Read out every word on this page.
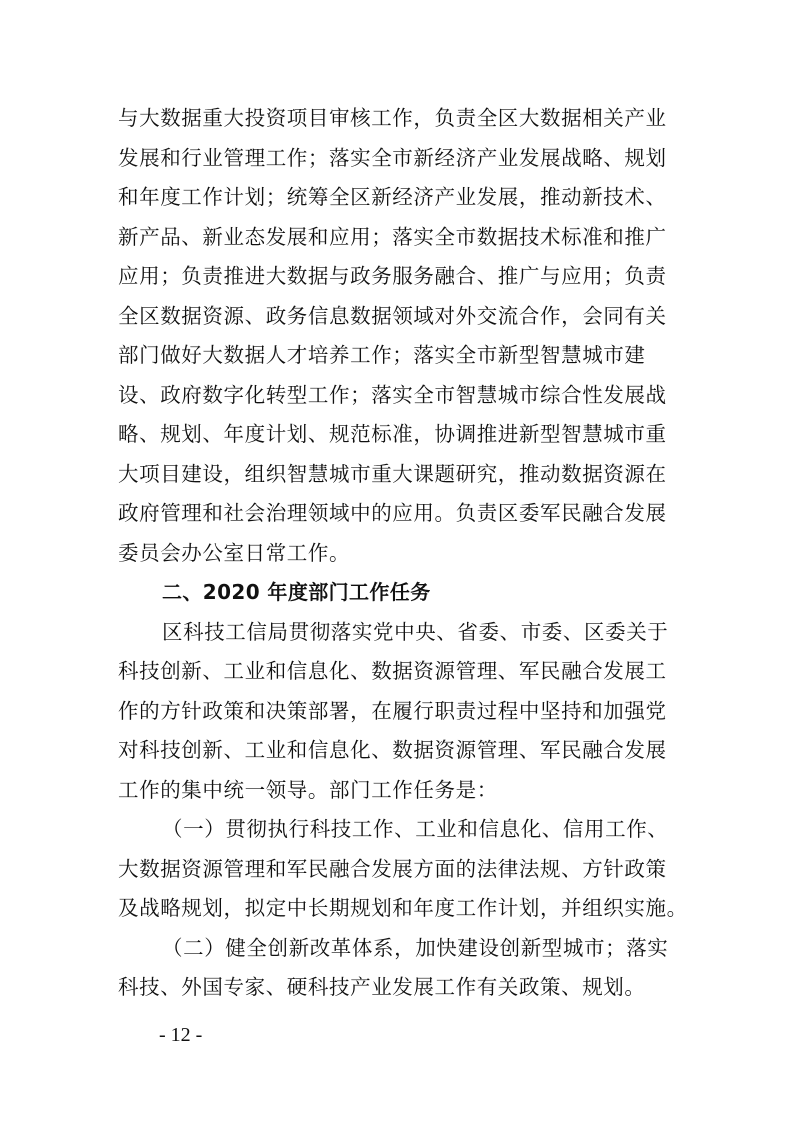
与大数据重大投资项目审核工作，负责全区大数据相关产业
发展和行业管理工作；落实全市新经济产业发展战略、规划
和年度工作计划；统筹全区新经济产业发展，推动新技术、
新产品、新业态发展和应用；落实全市数据技术标准和推广
应用；负责推进大数据与政务服务融合、推广与应用；负责
全区数据资源、政务信息数据领域对外交流合作，会同有关
部门做好大数据人才培养工作；落实全市新型智慧城市建
设、政府数字化转型工作；落实全市智慧城市综合性发展战
略、规划、年度计划、规范标准，协调推进新型智慧城市重
大项目建设，组织智慧城市重大课题研究，推动数据资源在
政府管理和社会治理领域中的应用。负责区委军民融合发展
委员会办公室日常工作。
二、2020 年度部门工作任务
区科技工信局贯彻落实党中央、省委、市委、区委关于
科技创新、工业和信息化、数据资源管理、军民融合发展工
作的方针政策和决策部署，在履行职责过程中坚持和加强党
对科技创新、工业和信息化、数据资源管理、军民融合发展
工作的集中统一领导。部门工作任务是：
（一）贯彻执行科技工作、工业和信息化、信用工作、
大数据资源管理和军民融合发展方面的法律法规、方针政策
及战略规划，拟定中长期规划和年度工作计划，并组织实施。
（二）健全创新改革体系，加快建设创新型城市；落实
科技、外国专家、硬科技产业发展工作有关政策、规划。
- 12 -
